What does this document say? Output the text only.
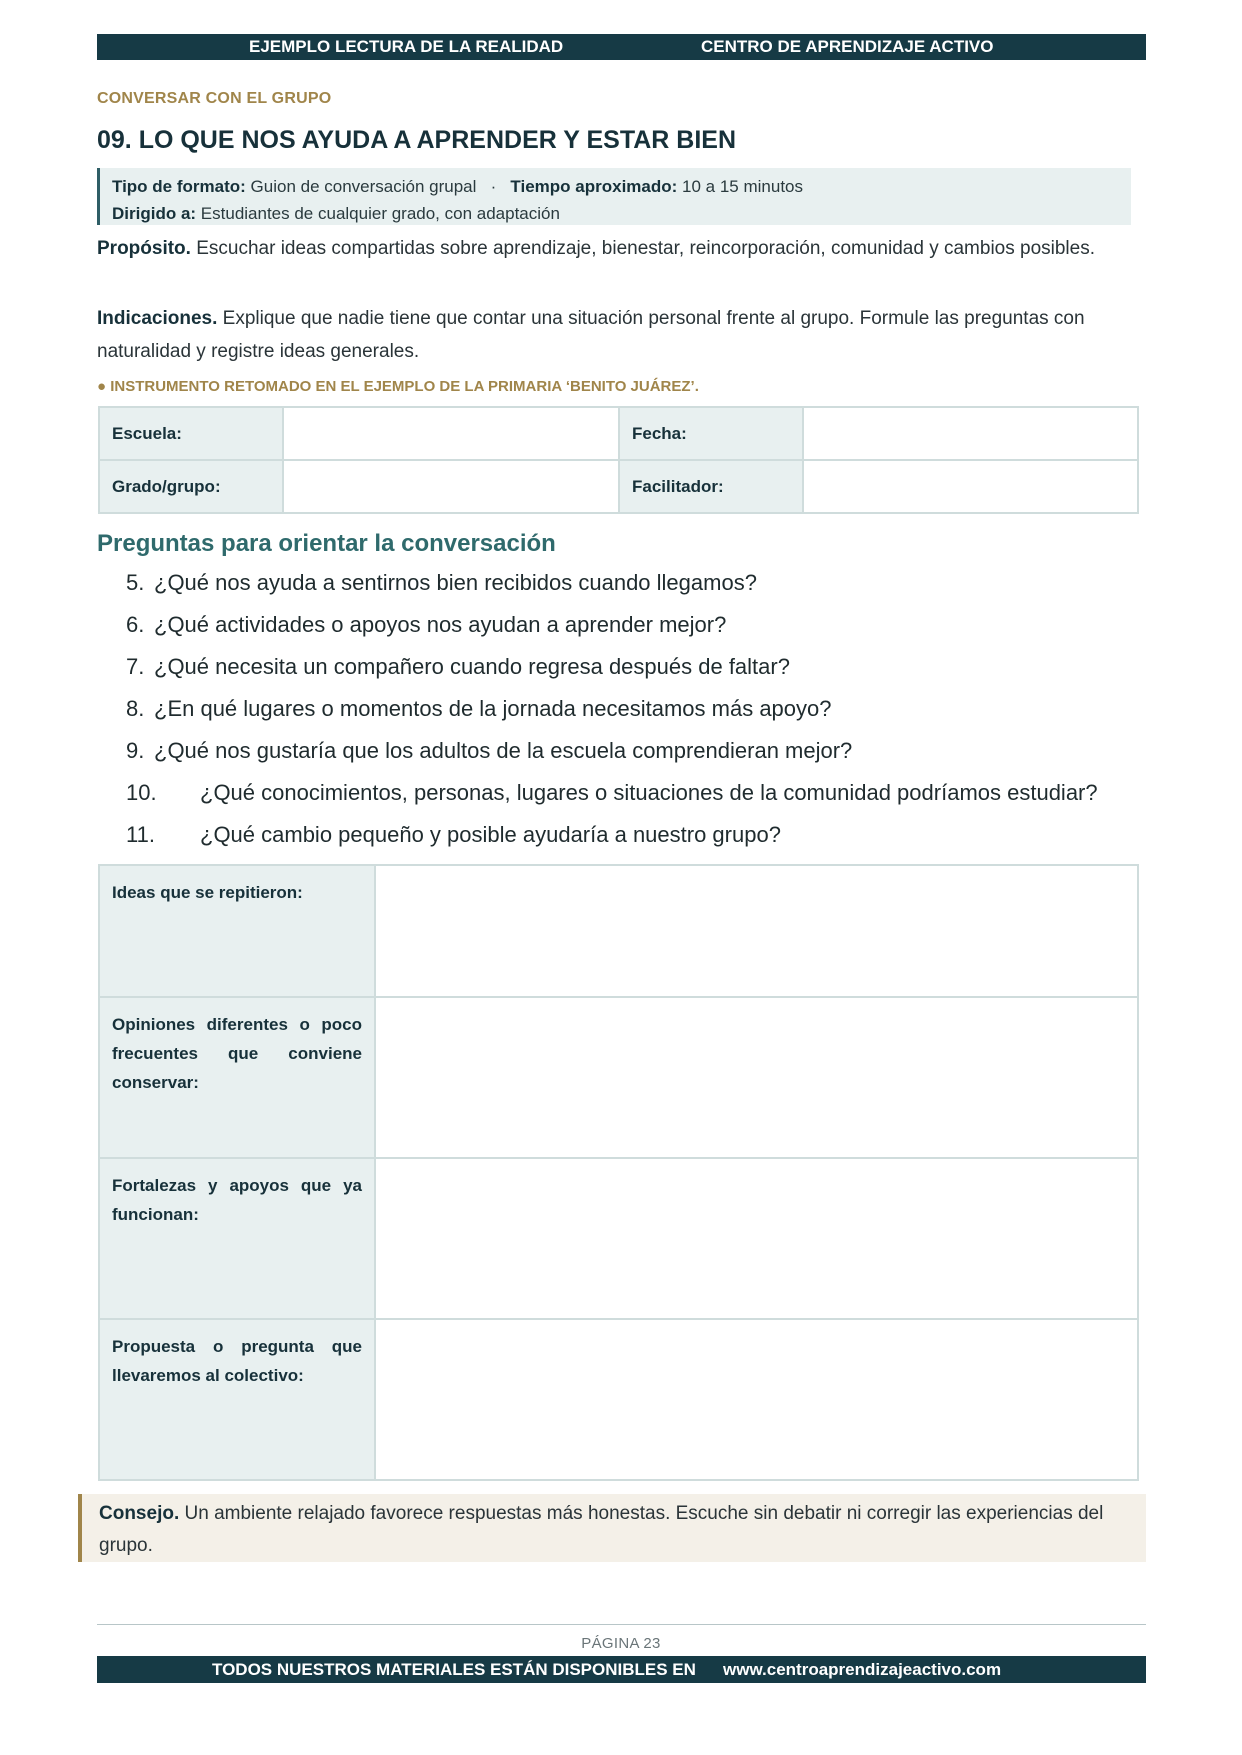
EJEMPLO LECTURA DE LA REALIDAD	CENTRO DE APRENDIZAJE ACTIVO
CONVERSAR CON EL GRUPO
09. LO QUE NOS AYUDA A APRENDER Y ESTAR BIEN
Tipo de formato: Guion de conversación grupal · Tiempo aproximado: 10 a 15 minutos
Dirigido a: Estudiantes de cualquier grado, con adaptación
Propósito. Escuchar ideas compartidas sobre aprendizaje, bienestar, reincorporación, comunidad y cambios posibles.
Indicaciones. Explique que nadie tiene que contar una situación personal frente al grupo. Formule las preguntas con naturalidad y registre ideas generales.
● INSTRUMENTO RETOMADO EN EL EJEMPLO DE LA PRIMARIA ‘BENITO JUÁREZ’.
Escuela:		Fecha:	
Grado/grupo:		Facilitador:	
Preguntas para orientar la conversación
5. ¿Qué nos ayuda a sentirnos bien recibidos cuando llegamos?
6. ¿Qué actividades o apoyos nos ayudan a aprender mejor?
7. ¿Qué necesita un compañero cuando regresa después de faltar?
8. ¿En qué lugares o momentos de la jornada necesitamos más apoyo?
9. ¿Qué nos gustaría que los adultos de la escuela comprendieran mejor?
10. ¿Qué conocimientos, personas, lugares o situaciones de la comunidad podríamos estudiar?
11. ¿Qué cambio pequeño y posible ayudaría a nuestro grupo?
Ideas que se repitieron:	
Opiniones diferentes o poco frecuentes que conviene conservar:	
Fortalezas y apoyos que ya funcionan:	
Propuesta o pregunta que llevaremos al colectivo:	
Consejo. Un ambiente relajado favorece respuestas más honestas. Escuche sin debatir ni corregir las experiencias del grupo.
PÁGINA 23
TODOS NUESTROS MATERIALES ESTÁN DISPONIBLES EN www.centroaprendizajeactivo.com
